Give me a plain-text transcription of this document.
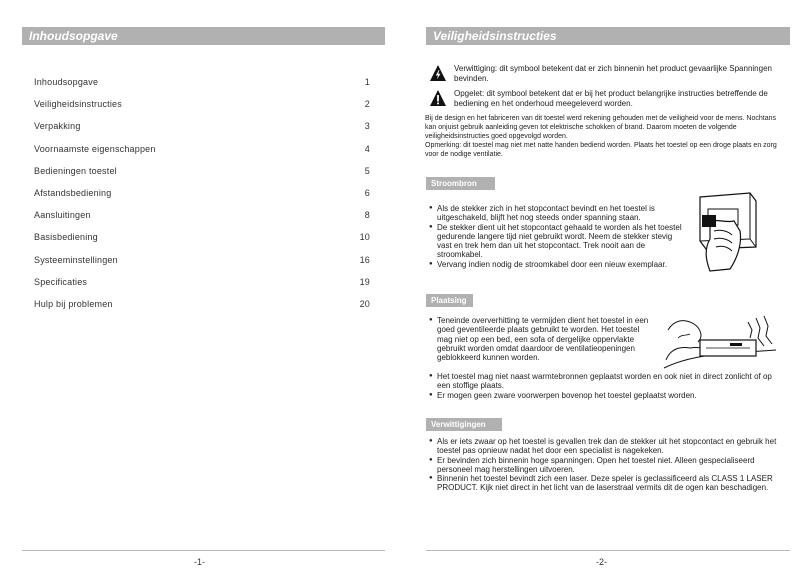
Inhoudsopgave
Inhoudsopgave	1
Veiligheidsinstructies	2
Verpakking	3
Voornaamste eigenschappen	4
Bedieningen toestel	5
Afstandsbediening	6
Aansluitingen	8
Basisbediening	10
Systeeminstellingen	16
Specificaties	19
Hulp bij problemen	20
-1-
Veiligheidsinstructies
Verwittiging: dit symbool betekent dat er zich binnenin het product gevaarlijke Spanningen bevinden.
Opgelet: dit symbool betekent dat er bij het product belangrijke instructies betreffende de bediening en het onderhoud meegeleverd worden.

Bij de design en het fabriceren van dit toestel werd rekening gehouden met de veiligheid voor de mens. Nochtans kan onjuist gebruik aanleiding geven tot elektrische schokken of brand. Daarom moeten de volgende veiligheidsinstructies goed opgevolgd worden.

Opmerking: dit toestel mag niet met natte handen bediend worden. Plaats het toestel op een droge plaats en zorg voor de nodige ventilatie.

Stroombron
● Als de stekker zich in het stopcontact bevindt en het toestel is uitgeschakeld, blijft het nog steeds onder spanning staan.
● De stekker dient uit het stopcontact gehaald te worden als het toestel gedurende langere tijd niet gebruikt wordt. Neem de stekker stevig vast en trek hem dan uit het stopcontact. Trek nooit aan de stroomkabel.
● Vervang indien nodig de stroomkabel door een nieuw exemplaar.
Plaatsing
● Teneinde oververhitting te vermijden dient het toestel in een goed geventileerde plaats gebruikt te worden. Het toestel mag niet op een bed, een sofa of dergelijke oppervlakte gebruikt worden omdat daardoor de ventilatieopeningen geblokkeerd kunnen worden.
● Het toestel mag niet naast warmtebronnen geplaatst worden en ook niet in direct zonlicht of op een stoffige plaats.
● Er mogen geen zware voorwerpen bovenop het toestel geplaatst worden.
Verwittigingen
● Als er iets zwaar op het toestel is gevallen trek dan de stekker uit het stopcontact en gebruik het toestel pas opnieuw nadat het door een specialist is nagekeken.
● Er bevinden zich binnenin hoge spanningen. Open het toestel niet. Alleen gespecialiseerd personeel mag herstellingen uitvoeren.
● Binnenin het toestel bevindt zich een laser. Deze speler is geclassificeerd als CLASS 1 LASER PRODUCT. Kijk niet direct in het licht van de laserstraal vermits dit de ogen kan beschadigen.
-2-
